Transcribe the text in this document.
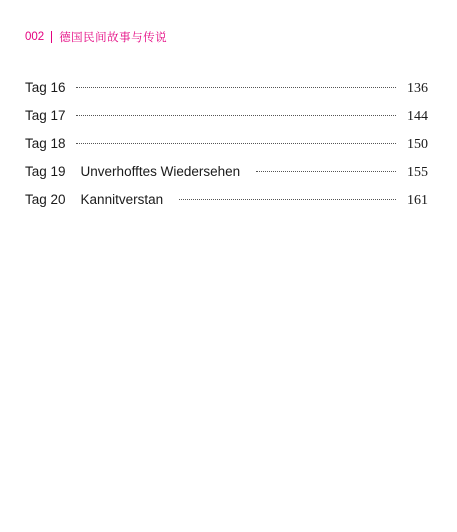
002 德国民间故事与传说
Tag 16	136
Tag 17	144
Tag 18	150
Tag 19 Unverhofftes Wiedersehen	155
Tag 20 Kannitverstan	161
